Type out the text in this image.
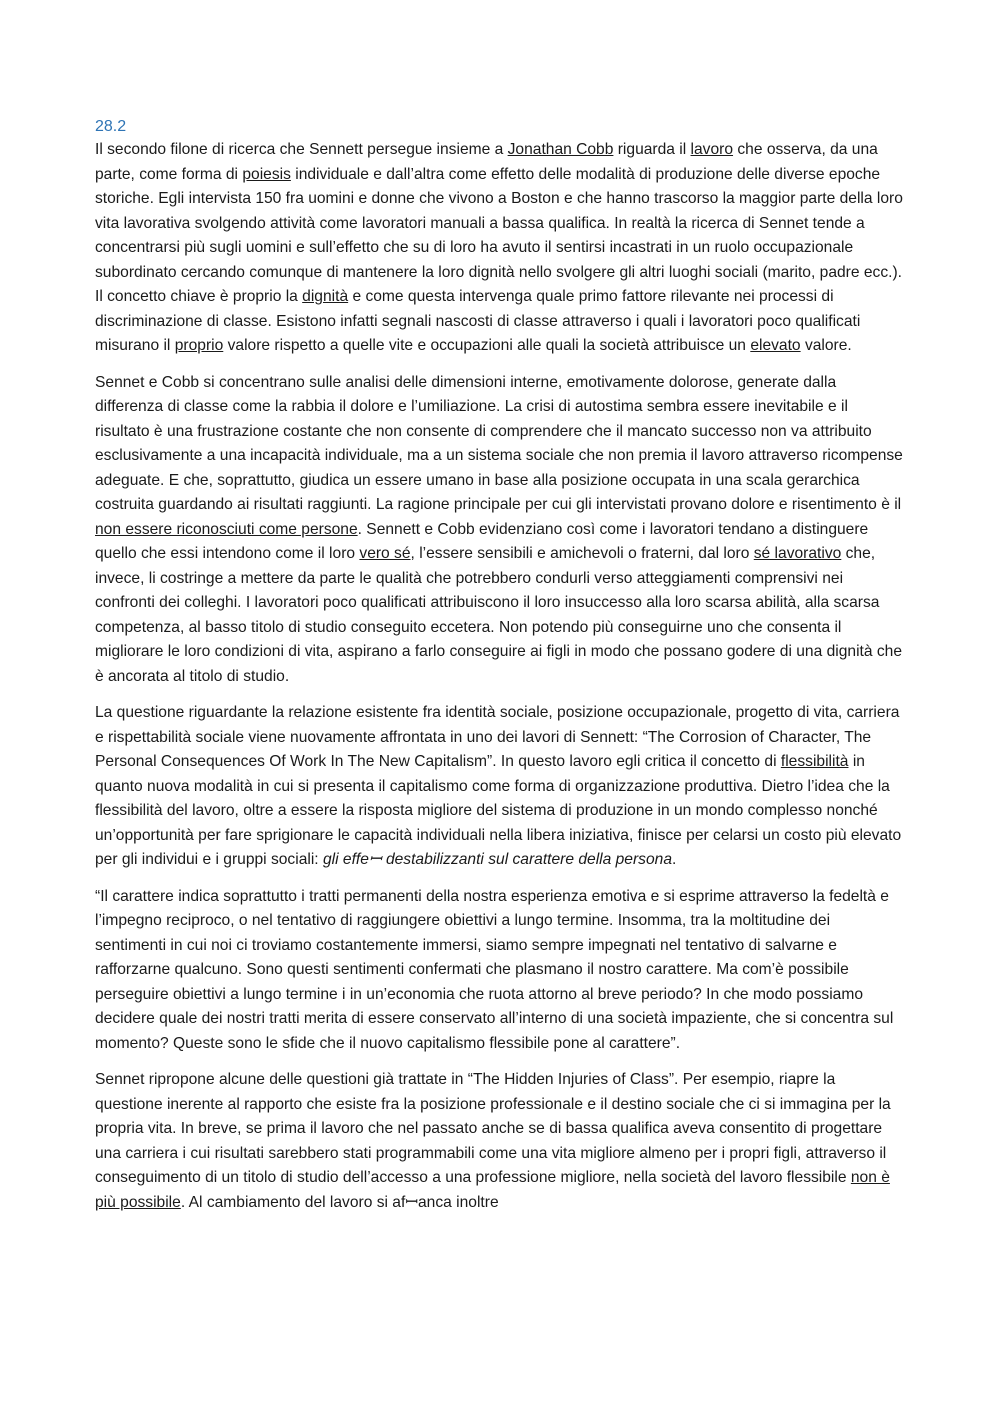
28.2

Il secondo filone di ricerca che Sennett persegue insieme a Jonathan Cobb riguarda il lavoro che osserva, da una parte, come forma di poiesis individuale e dall’altra come effetto delle modalità di produzione delle diverse epoche storiche. Egli intervista 150 fra uomini e donne che vivono a Boston e che hanno trascorso la maggior parte della loro vita lavorativa svolgendo attività come lavoratori manuali a bassa qualifica. In realtà la ricerca di Sennet tende a concentrarsi più sugli uomini e sull’effetto che su di loro ha avuto il sentirsi incastrati in un ruolo occupazionale subordinato cercando comunque di mantenere la loro dignità nello svolgere gli altri luoghi sociali (marito, padre ecc.). Il concetto chiave è proprio la dignità e come questa intervenga quale primo fattore rilevante nei processi di discriminazione di classe. Esistono infatti segnali nascosti di classe attraverso i quali i lavoratori poco qualificati misurano il proprio valore rispetto a quelle vite e occupazioni alle quali la società attribuisce un elevato valore.

Sennet e Cobb si concentrano sulle analisi delle dimensioni interne, emotivamente dolorose, generate dalla differenza di classe come la rabbia il dolore e l’umiliazione. La crisi di autostima sembra essere inevitabile e il risultato è una frustrazione costante che non consente di comprendere che il mancato successo non va attribuito esclusivamente a una incapacità individuale, ma a un sistema sociale che non premia il lavoro attraverso ricompense adeguate. E che, soprattutto, giudica un essere umano in base alla posizione occupata in una scala gerarchica costruita guardando ai risultati raggiunti. La ragione principale per cui gli intervistati provano dolore e risentimento è il non essere riconosciuti come persone. Sennett e Cobb evidenziano così come i lavoratori tendano a distinguere quello che essi intendono come il loro vero sé, l’essere sensibili e amichevoli o fraterni, dal loro sé lavorativo che, invece, li costringe a mettere da parte le qualità che potrebbero condurli verso atteggiamenti comprensivi nei confronti dei colleghi. I lavoratori poco qualificati attribuiscono il loro insuccesso alla loro scarsa abilità, alla scarsa competenza, al basso titolo di studio conseguito eccetera. Non potendo più conseguirne uno che consenta il migliorare le loro condizioni di vita, aspirano a farlo conseguire ai figli in modo che possano godere di una dignità che è ancorata al titolo di studio.

La questione riguardante la relazione esistente fra identità sociale, posizione occupazionale, progetto di vita, carriera e rispettabilità sociale viene nuovamente affrontata in uno dei lavori di Sennett: “The Corrosion of Character, The Personal Consequences Of Work In The New Capitalism”. In questo lavoro egli critica il concetto di flessibilità in quanto nuova modalità in cui si presenta il capitalismo come forma di organizzazione produttiva. Dietro l’idea che la flessibilità del lavoro, oltre a essere la risposta migliore del sistema di produzione in un mondo complesso nonché un’opportunità per fare sprigionare le capacità individuali nella libera iniziativa, finisce per celarsi un costo più elevato per gli individui e i gruppi sociali: gli effeꟷ destabilizzanti sul carattere della persona.

“Il carattere indica soprattutto i tratti permanenti della nostra esperienza emotiva e si esprime attraverso la fedeltà e l’impegno reciproco, o nel tentativo di raggiungere obiettivi a lungo termine. Insomma, tra la moltitudine dei sentimenti in cui noi ci troviamo costantemente immersi, siamo sempre impegnati nel tentativo di salvarne e rafforzarne qualcuno. Sono questi sentimenti confermati che plasmano il nostro carattere. Ma com’è possibile perseguire obiettivi a lungo termine i in un’economia che ruota attorno al breve periodo? In che modo possiamo decidere quale dei nostri tratti merita di essere conservato all’interno di una società impaziente, che si concentra sul momento? Queste sono le sfide che il nuovo capitalismo flessibile pone al carattere”.

Sennet ripropone alcune delle questioni già trattate in “The Hidden Injuries of Class”. Per esempio, riapre la questione inerente al rapporto che esiste fra la posizione professionale e il destino sociale che ci si immagina per la propria vita. In breve, se prima il lavoro che nel passato anche se di bassa qualifica aveva consentito di progettare una carriera i cui risultati sarebbero stati programmabili come una vita migliore almeno per i propri figli, attraverso il conseguimento di un titolo di studio dell’accesso a una professione migliore, nella società del lavoro flessibile non è più possibile. Al cambiamento del lavoro si afꟷanca inoltre
